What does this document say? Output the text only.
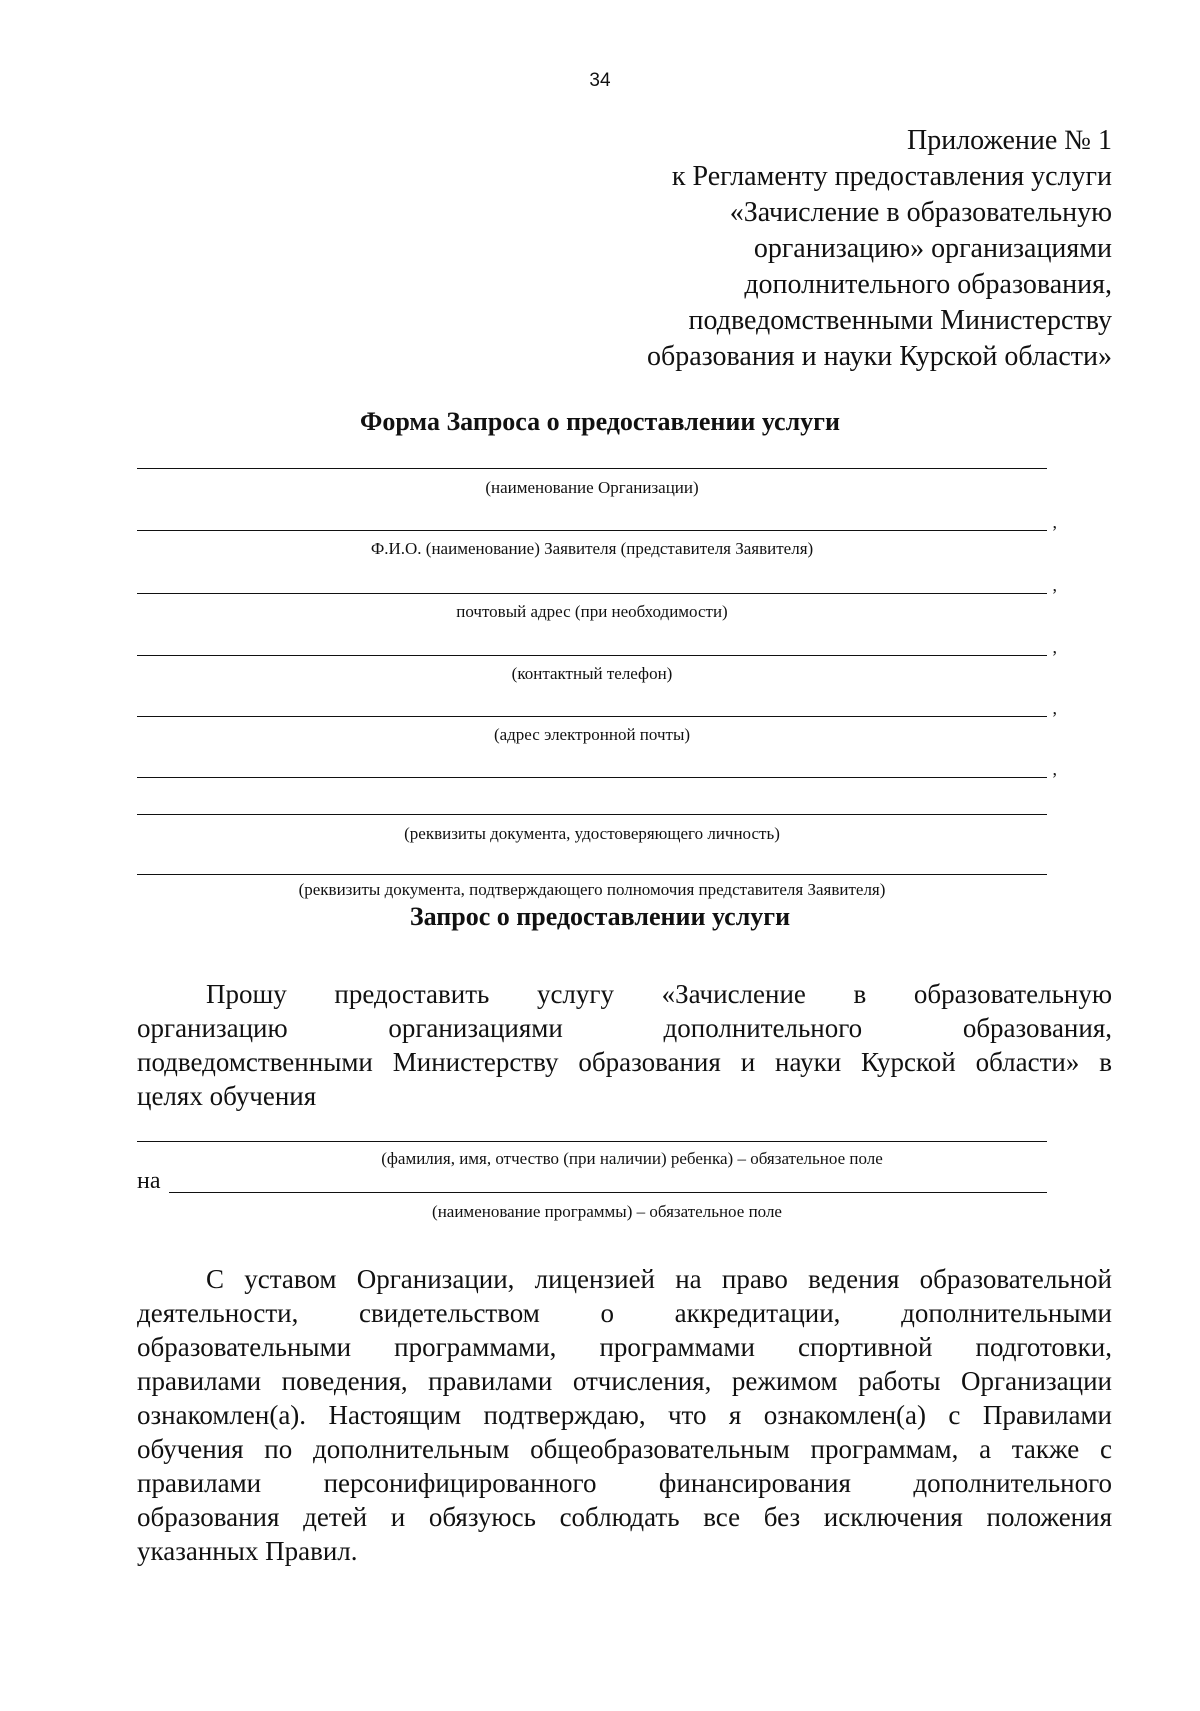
34
Приложение № 1
к Регламенту предоставления услуги
«Зачисление в образовательную
организацию» организациями
дополнительного образования,
подведомственными Министерству
образования и науки Курской области»
Форма Запроса о предоставлении услуги
(наименование Организации)
,
Ф.И.О. (наименование) Заявителя (представителя Заявителя)
,
почтовый адрес (при необходимости)
,
(контактный телефон)
,
(адрес электронной почты)
,
(реквизиты документа, удостоверяющего личность)
(реквизиты документа, подтверждающего полномочия представителя Заявителя)
Запрос о предоставлении услуги
Прошу предоставить услугу «Зачисление в образовательную
организацию организациями дополнительного образования,
подведомственными Министерству образования и науки Курской области» в
целях обучения
(фамилия, имя, отчество (при наличии) ребенка) – обязательное поле
на
(наименование программы) – обязательное поле
С уставом Организации, лицензией на право ведения образовательной
деятельности, свидетельством о аккредитации, дополнительными
образовательными программами, программами спортивной подготовки,
правилами поведения, правилами отчисления, режимом работы Организации
ознакомлен(а). Настоящим подтверждаю, что я ознакомлен(а) с Правилами
обучения по дополнительным общеобразовательным программам, а также с
правилами персонифицированного финансирования дополнительного
образования детей и обязуюсь соблюдать все без исключения положения
указанных Правил.
